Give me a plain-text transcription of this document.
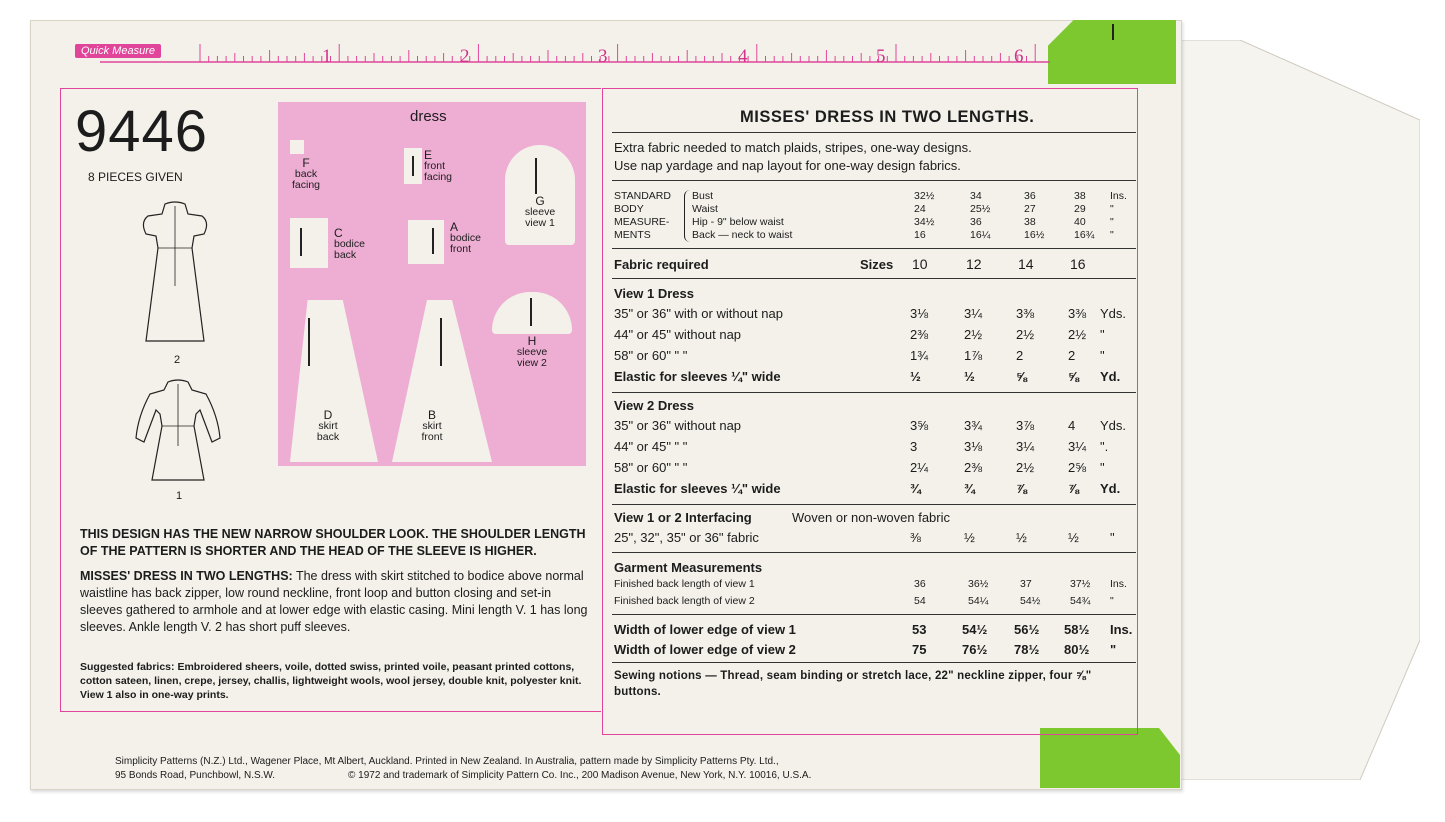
Quick Measure	1	2	3	4	5	6
9446
8 PIECES GIVEN
2
1
dress
F
back
facing
E
front
facing
G
sleeve
view 1
C
bodice
back
A
bodice
front
H
sleeve
view 2
D
skirt
back
B
skirt
front
THIS DESIGN HAS THE NEW NARROW SHOULDER LOOK. THE SHOULDER LENGTH OF THE PATTERN IS SHORTER AND THE HEAD OF THE SLEEVE IS HIGHER.
MISSES' DRESS IN TWO LENGTHS: The dress with skirt stitched to bodice above normal waistline has back zipper, low round neckline, front loop and button closing and set-in sleeves gathered to armhole and at lower edge with elastic casing. Mini length V. 1 has long sleeves. Ankle length V. 2 has short puff sleeves.
Suggested fabrics: Embroidered sheers, voile, dotted swiss, printed voile, peasant printed cottons, cotton sateen, linen, crepe, jersey, challis, lightweight wools, wool jersey, double knit, polyester knit. View 1 also in one-way prints.
MISSES' DRESS IN TWO LENGTHS.
Extra fabric needed to match plaids, stripes, one-way designs.
Use nap yardage and nap layout for one-way design fabrics.
STANDARD
BODY
MEASURE-
MENTS
Bust	32½	34	36	38 Ins.
Waist	24	25½	27	29 "
Hip - 9" below waist	34½	36	38	40 "
Back — neck to waist	16	16¼	16½	16¾ "
Fabric required	Sizes 10	12	14	16
View 1 Dress
35" or 36" with or without nap	3⅛	3¼	3⅜	3⅜ Yds.
44" or 45" without nap	2⅜	2½	2½	2½ "
58" or 60" " "	1¾	1⅞	2	2 "
Elastic for sleeves ¼" wide	½	½	⅝	⅝ Yd.
View 2 Dress
35" or 36" without nap	3⅝	3¾	3⅞	4 Yds.
44" or 45" " "	3	3⅛	3¼	3¼ ".
58" or 60" " "	2¼	2⅜	2½	2⅝ "
Elastic for sleeves ¼" wide	¾	¾	⅞	⅞ Yd.
View 1 or 2 Interfacing	Woven or non-woven fabric
25", 32", 35" or 36" fabric	⅜	½	½	½ "
Garment Measurements
Finished back length of view 1	36	36½	37	37½ Ins.
Finished back length of view 2	54	54¼	54½	54¾ "
Width of lower edge of view 1	53	54½ 56½ 58½ Ins.
Width of lower edge of view 2	75	76½ 78½ 80½ "
Sewing notions — Thread, seam binding or stretch lace, 22" neckline zipper, four ⅝" buttons.
Simplicity Patterns (N.Z.) Ltd., Wagener Place, Mt Albert, Auckland. Printed in New Zealand. In Australia, pattern made by Simplicity Patterns Pty. Ltd.,
95 Bonds Road, Punchbowl, N.S.W.	© 1972 and trademark of Simplicity Pattern Co. Inc., 200 Madison Avenue, New York, N.Y. 10016, U.S.A.
